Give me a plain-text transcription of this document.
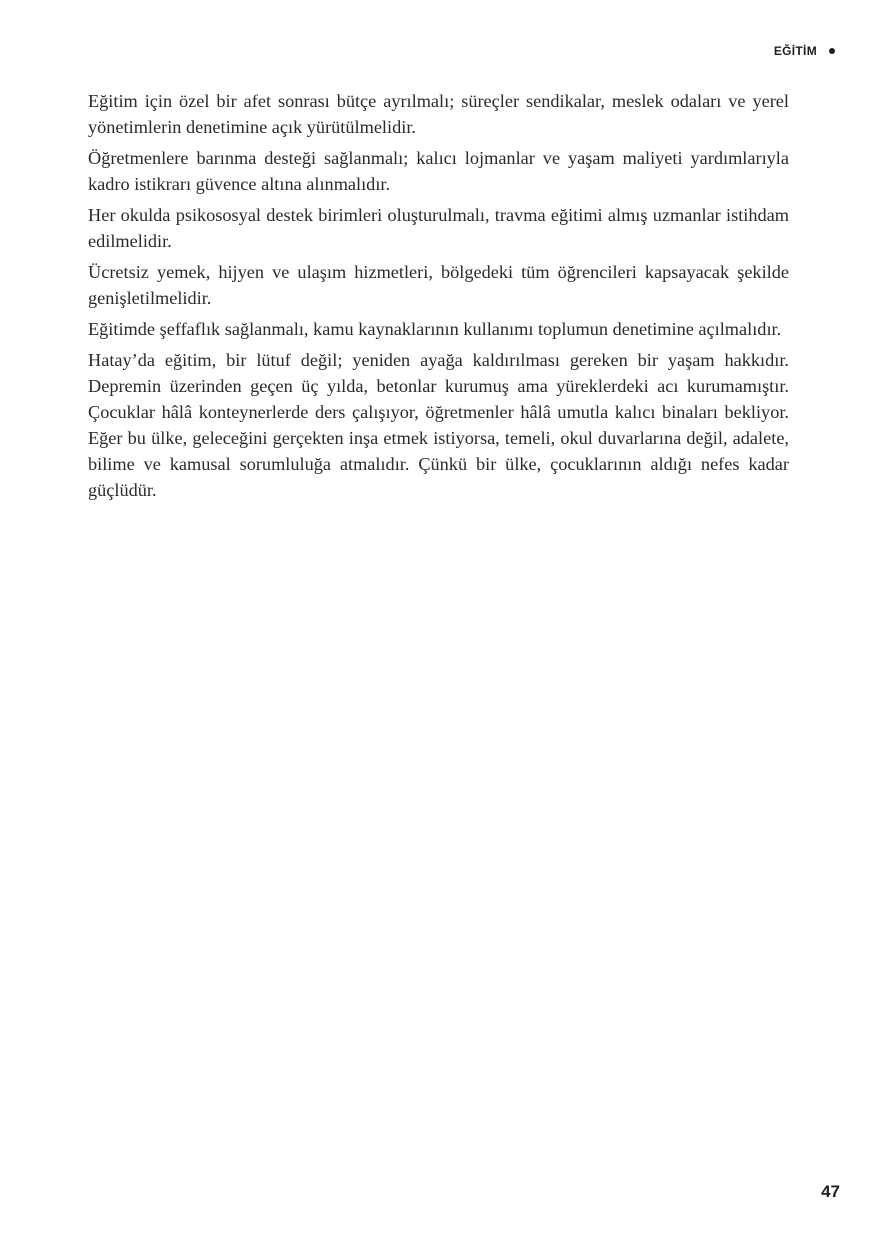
EĞİTİM

Eğitim için özel bir afet sonrası bütçe ayrılmalı; süreçler sendikalar, meslek odaları ve yerel yönetimlerin denetimine açık yürütülmelidir.

Öğretmenlere barınma desteği sağlanmalı; kalıcı lojmanlar ve yaşam maliyeti yardımlarıyla kadro istikrarı güvence altına alınmalıdır.

Her okulda psikososyal destek birimleri oluşturulmalı, travma eğitimi almış uzmanlar istihdam edilmelidir.

Ücretsiz yemek, hijyen ve ulaşım hizmetleri, bölgedeki tüm öğrencileri kapsayacak şekilde genişletilmelidir.

Eğitimde şeffaflık sağlanmalı, kamu kaynaklarının kullanımı toplumun denetimine açılmalıdır.

Hatay’da eğitim, bir lütuf değil; yeniden ayağa kaldırılması gereken bir yaşam hakkıdır. Depremin üzerinden geçen üç yılda, betonlar kurumuş ama yüreklerdeki acı kurumamıştır. Çocuklar hâlâ konteynerlerde ders çalışıyor, öğretmenler hâlâ umutla kalıcı binaları bekliyor. Eğer bu ülke, geleceğini gerçekten inşa etmek istiyorsa, temeli, okul duvarlarına değil, adalete, bilime ve kamusal sorumluluğa atmalıdır. Çünkü bir ülke, çocuklarının aldığı nefes kadar güçlüdür.

47
